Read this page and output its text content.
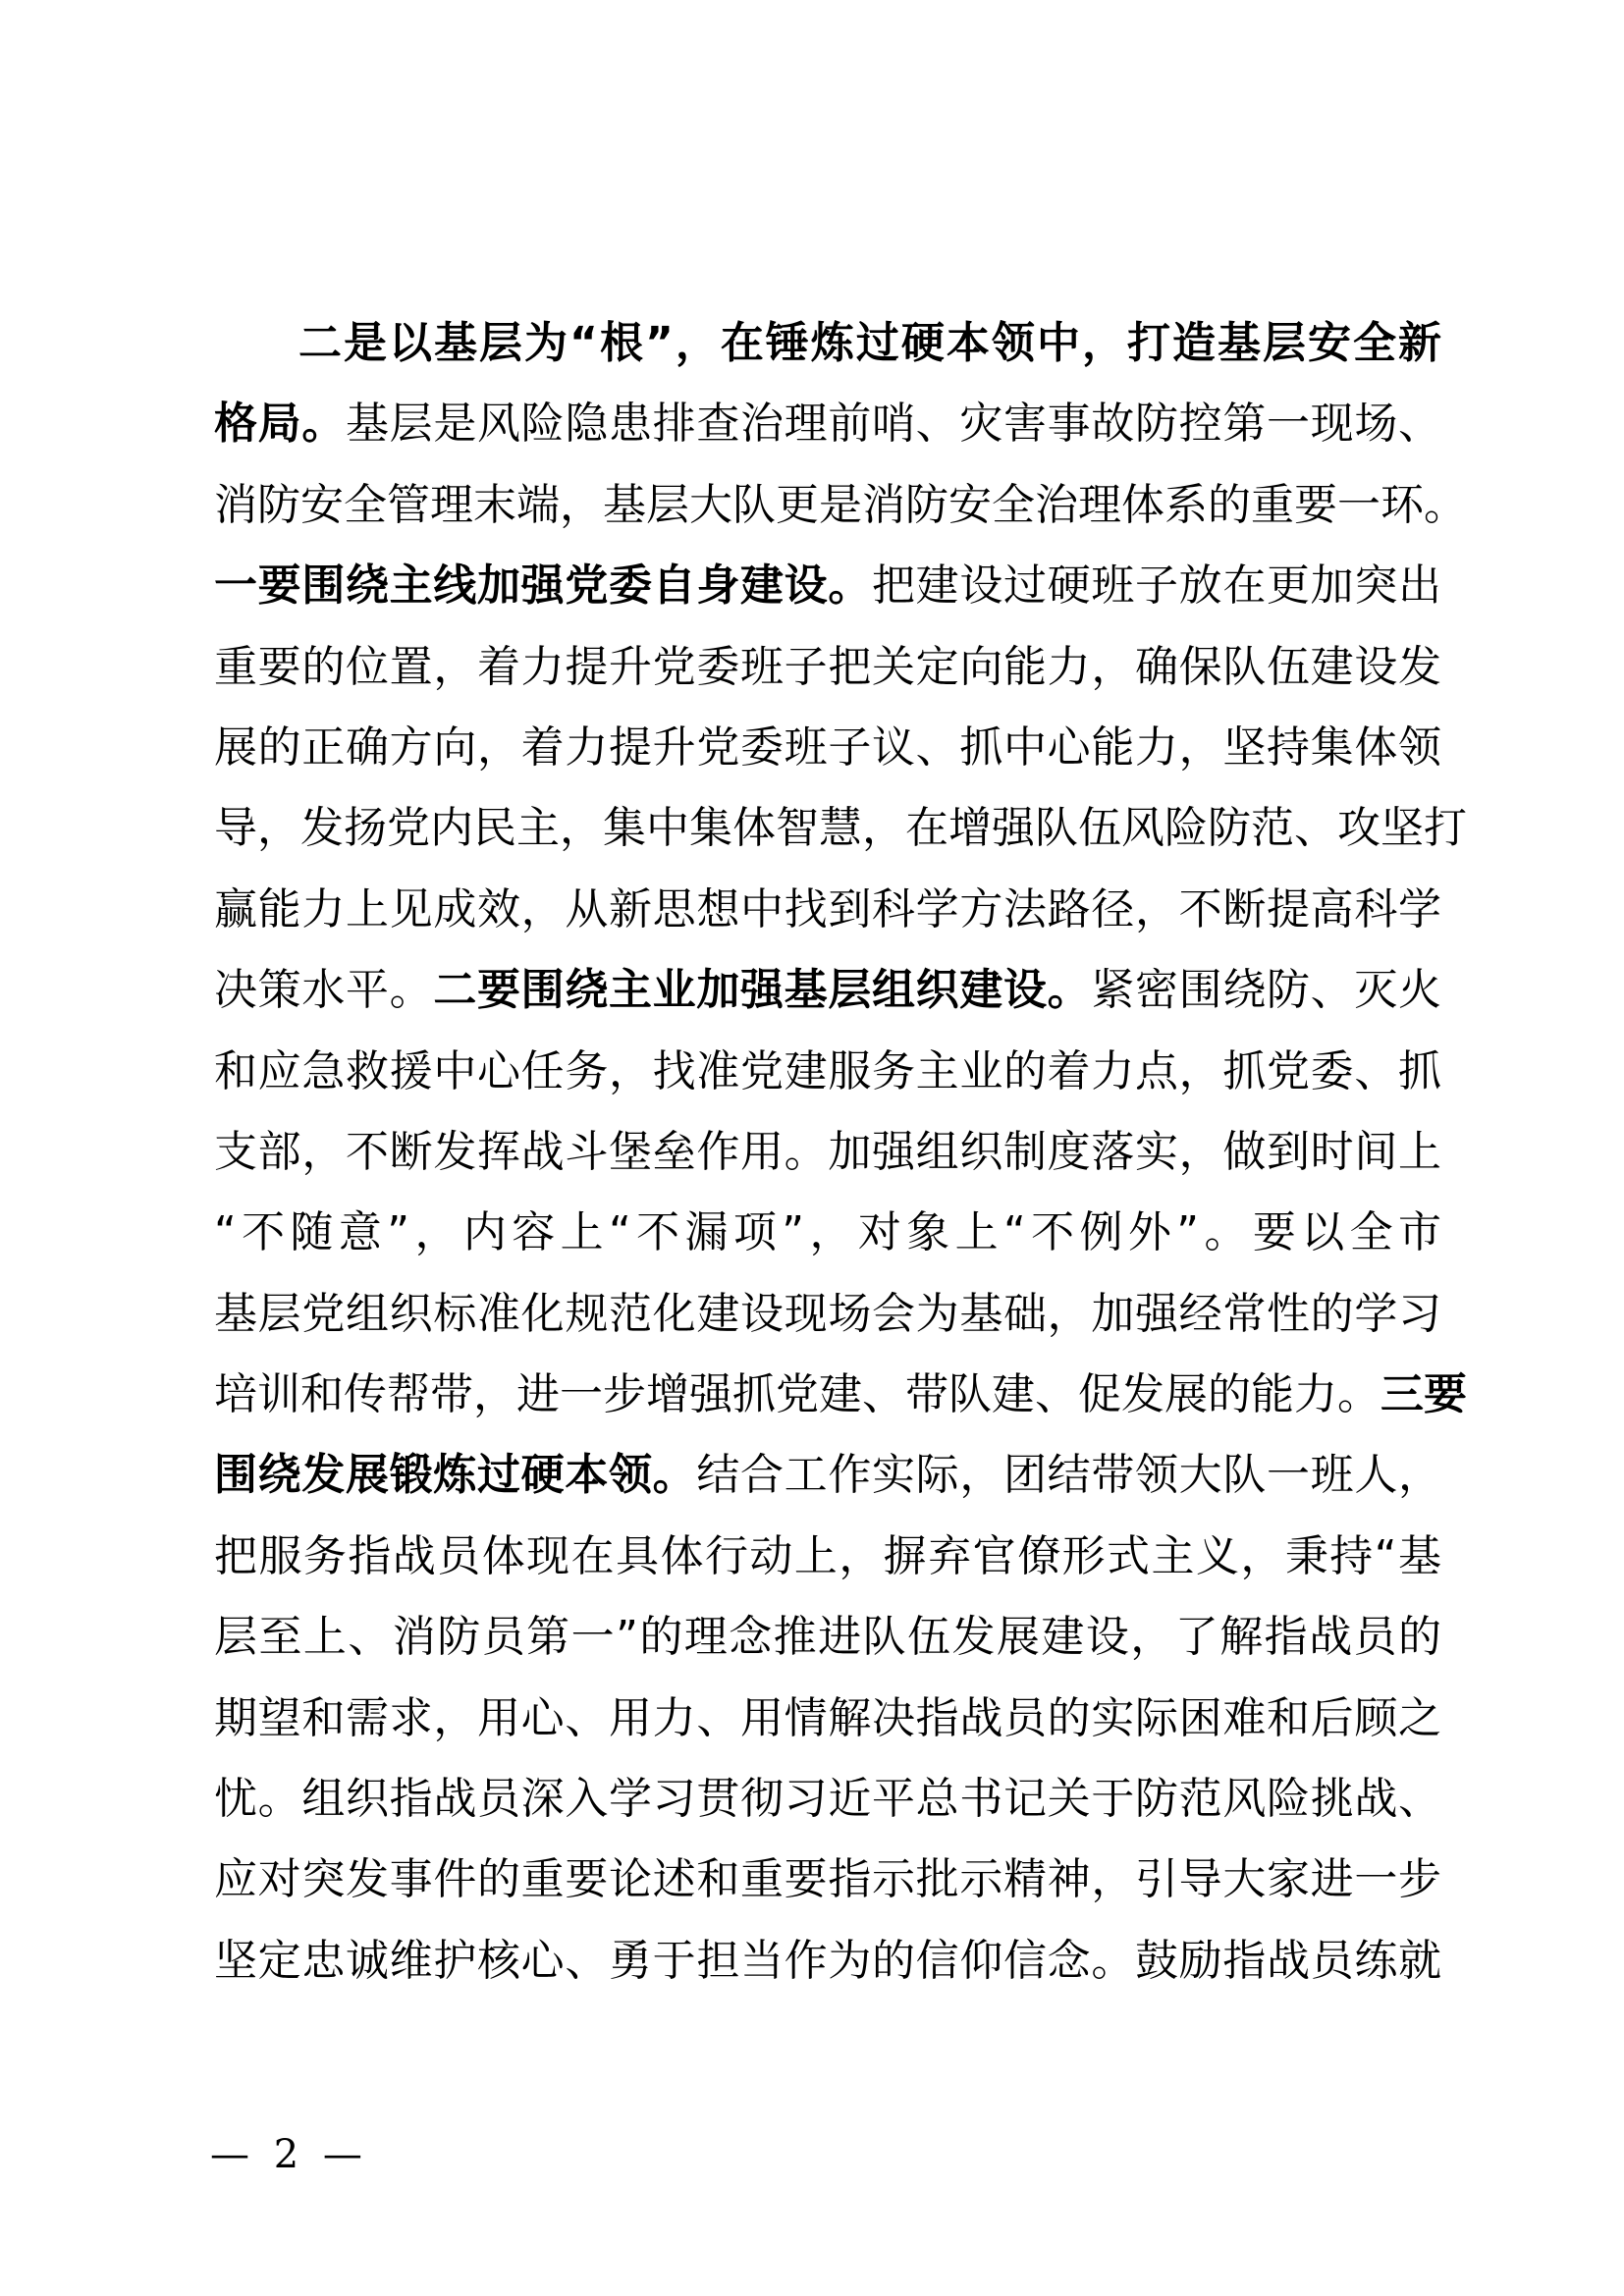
二是以基层为“根”，在锤炼过硬本领中，打造基层安全新
格局。基层是风险隐患排查治理前哨、灾害事故防控第一现场、
消防安全管理末端，基层大队更是消防安全治理体系的重要一环。
一要围绕主线加强党委自身建设。把建设过硬班子放在更加突出
重要的位置，着力提升党委班子把关定向能力，确保队伍建设发
展的正确方向，着力提升党委班子议、抓中心能力，坚持集体领
导，发扬党内民主，集中集体智慧，在增强队伍风险防范、攻坚打
赢能力上见成效，从新思想中找到科学方法路径，不断提高科学
决策水平。二要围绕主业加强基层组织建设。紧密围绕防、灭火
和应急救援中心任务，找准党建服务主业的着力点，抓党委、抓
支部，不断发挥战斗堡垒作用。加强组织制度落实，做到时间上
“不随意”，内容上“不漏项”，对象上“不例外”。要以全市
基层党组织标准化规范化建设现场会为基础，加强经常性的学习
培训和传帮带，进一步增强抓党建、带队建、促发展的能力。三要
围绕发展锻炼过硬本领。结合工作实际，团结带领大队一班人，
把服务指战员体现在具体行动上，摒弃官僚形式主义，秉持“基
层至上、消防员第一”的理念推进队伍发展建设，了解指战员的
期望和需求，用心、用力、用情解决指战员的实际困难和后顾之
忧。组织指战员深入学习贯彻习近平总书记关于防范风险挑战、
应对突发事件的重要论述和重要指示批示精神，引导大家进一步
坚定忠诚维护核心、勇于担当作为的信仰信念。鼓励指战员练就
— 2 —
